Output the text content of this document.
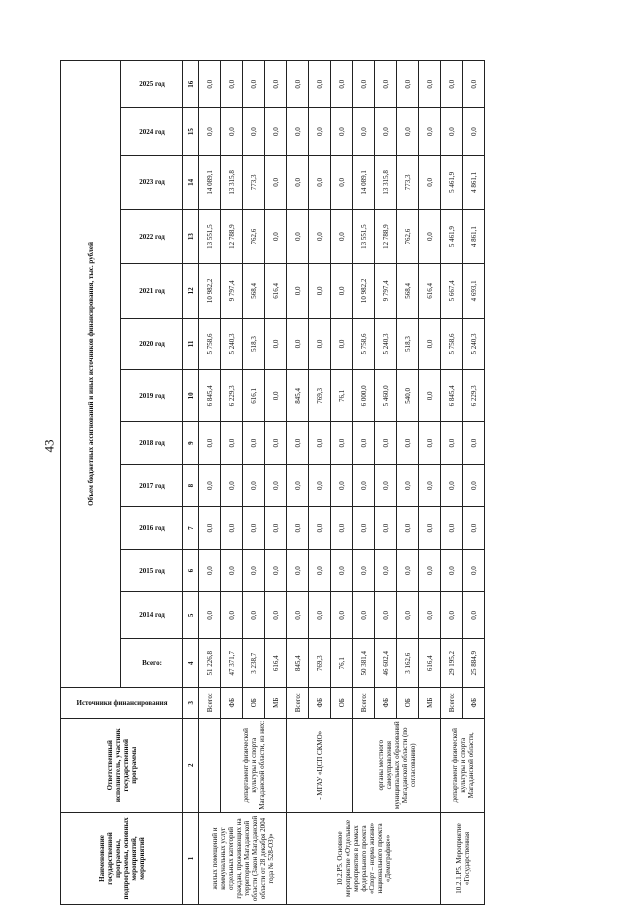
43
Наименование государственной программы, подпрограммы, основных мероприятий, мероприятий	Ответственный исполнитель, участник государственной программы	Источники финансирования	Объем бюджетных ассигнований и иных источников финансирования, тыс. рублей												

			Всего:	2014 год	2015 год	2016 год	2017 год	2018 год	2019 год	2020 год	2021 год	2022 год	2023 год	2024 год	2025 год

1	2	3	4	5	6	7	8	9	10	11	12	13	14	15	16
жилых помещений и коммунальных услуг отдельных категорий граждан, проживающих на территории Магаданской области (Закон Магаданской области от 28 декабря 2004 года № 528-ОЗ)»		Всего:	51 226,8	0,0	0,0	0,0	0,0	0,0	6 845,4	5 758,6	10 982,2	13 551,5	14 089,1	0,0	0,0
	департамент физической культуры и спорта Магаданской области, из них:	ФБ	47 371,7	0,0	0,0	0,0	0,0	0,0	6 229,3	5 240,3	9 797,4	12 788,9	13 315,8	0,0	0,0
		ОБ	3 238,7	0,0	0,0	0,0	0,0	0,0	616,1	518,3	568,4	762,6	773,3	0,0	0,0
		МБ	616,4	0,0	0,0	0,0	0,0	0,0	0,0	0,0	616,4	0,0	0,0	0,0	0,0
10.2.Р5. Основное мероприятие «Отдельные мероприятия в рамках федерального проекта «Спорт – норма жизни» национального проекта «Демография»»	- МГАУ «ЦСП СКМО»	Всего:	845,4	0,0	0,0	0,0	0,0	0,0	845,4	0,0	0,0	0,0	0,0	0,0	0,0
		ФБ	769,3	0,0	0,0	0,0	0,0	0,0	769,3	0,0	0,0	0,0	0,0	0,0	0,0
		ОБ	76,1	0,0	0,0	0,0	0,0	0,0	76,1	0,0	0,0	0,0	0,0	0,0	0,0
	органы местного самоуправления муниципальных образований Магаданской области (по согласованию)	Всего:	50 381,4	0,0	0,0	0,0	0,0	0,0	6 000,0	5 758,6	10 982,2	13 551,5	14 089,1	0,0	0,0
		ФБ	46 602,4	0,0	0,0	0,0	0,0	0,0	5 460,0	5 240,3	9 797,4	12 788,9	13 315,8	0,0	0,0
		ОБ	3 162,6	0,0	0,0	0,0	0,0	0,0	540,0	518,3	568,4	762,6	773,3	0,0	0,0
		МБ	616,4	0,0	0,0	0,0	0,0	0,0	0,0	0,0	616,4	0,0	0,0	0,0	0,0
10.2.1.Р5. Мероприятие «Государственная	департамент физической культуры и спорта Магаданской области,	Всего:	29 195,2	0,0	0,0	0,0	0,0	0,0	6 845,4	5 758,6	5 667,4	5 461,9	5 461,9	0,0	0,0
		ФБ	25 884,9	0,0	0,0	0,0	0,0	0,0	6 229,3	5 240,3	4 693,1	4 861,1	4 861,1	0,0	0,0
